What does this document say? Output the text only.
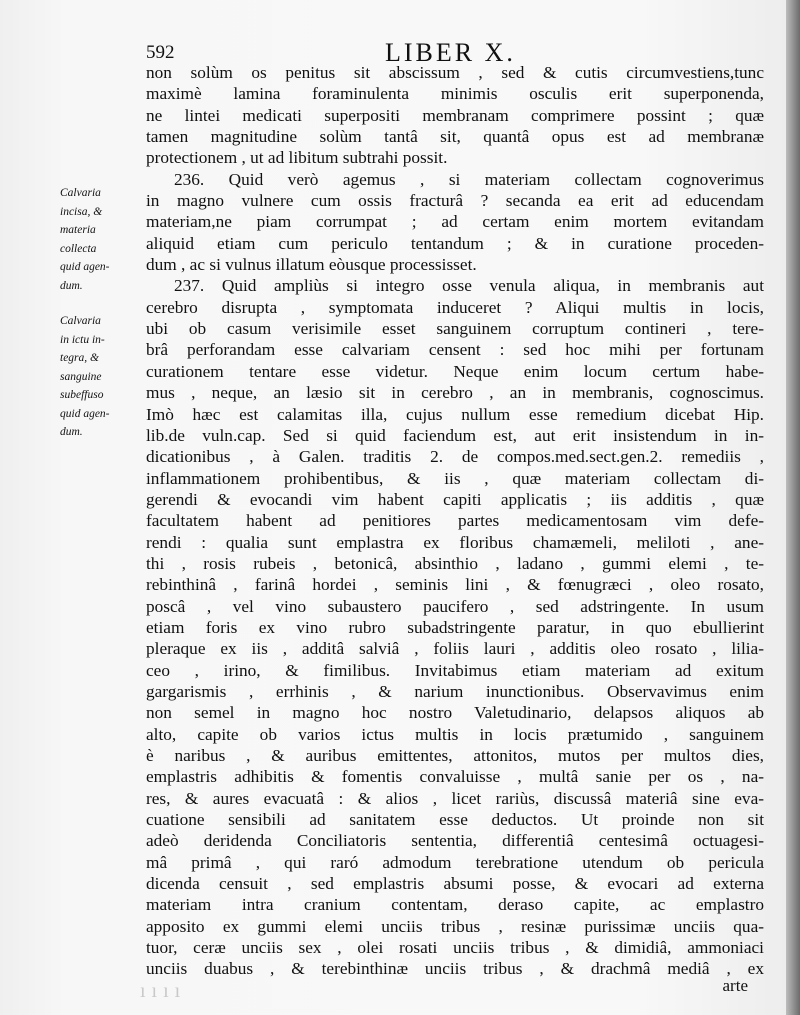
592	LIBER X.
Calvaria
incisa, &
materia
collecta
quid agen-
dum.
Calvaria
in ictu in-
tegra, &
sanguine
subeffuso
quid agen-
dum.
non solùm os penitus sit abscissum , sed & cutis circumvestiens,tunc
maximè lamina foraminulenta minimis osculis erit superponenda,
ne lintei medicati superpositi membranam comprimere possint ; quæ
tamen magnitudine solùm tantâ sit, quantâ opus est ad membranæ
protectionem , ut ad libitum subtrahi possit.
236. Quid verò agemus , si materiam collectam cognoverimus
in magno vulnere cum ossis fracturâ ? secanda ea erit ad educendam
materiam,ne piam corrumpat ; ad certam enim mortem evitandam
aliquid etiam cum periculo tentandum ; & in curatione proceden-
dum , ac si vulnus illatum eòusque processisset.
237. Quid ampliùs si integro osse venula aliqua, in membranis aut
cerebro disrupta , symptomata induceret ? Aliqui multis in locis,
ubi ob casum verisimile esset sanguinem corruptum contineri , tere-
brâ perforandam esse calvariam censent : sed hoc mihi per fortunam
curationem tentare esse videtur. Neque enim locum certum habe-
mus , neque, an læsio sit in cerebro , an in membranis, cognoscimus.
Imò hæc est calamitas illa, cujus nullum esse remedium dicebat Hip.
lib.de vuln.cap. Sed si quid faciendum est, aut erit insistendum in in-
dicationibus , à Galen. traditis 2. de compos.med.sect.gen.2. remediis ,
inflammationem prohibentibus, & iis , quæ materiam collectam di-
gerendi & evocandi vim habent capiti applicatis ; iis additis , quæ
facultatem habent ad penitiores partes medicamentosam vim defe-
rendi : qualia sunt emplastra ex floribus chamæmeli, meliloti , ane-
thi , rosis rubeis , betonicâ, absinthio , ladano , gummi elemi , te-
rebinthinâ , farinâ hordei , seminis lini , & fœnugræci , oleo rosato,
poscâ , vel vino subaustero paucifero , sed adstringente. In usum
etiam foris ex vino rubro subadstringente paratur, in quo ebullierint
pleraque ex iis , additâ salviâ , foliis lauri , additis oleo rosato , lilia-
ceo , irino, & fimilibus. Invitabimus etiam materiam ad exitum
gargarismis , errhinis , & narium inunctionibus. Observavimus enim
non semel in magno hoc nostro Valetudinario, delapsos aliquos ab
alto, capite ob varios ictus multis in locis prætumido , sanguinem
è naribus , & auribus emittentes, attonitos, mutos per multos dies,
emplastris adhibitis & fomentis convaluisse , multâ sanie per os , na-
res, & aures evacuatâ : & alios , licet rariùs, discussâ materiâ sine eva-
cuatione sensibili ad sanitatem esse deductos. Ut proinde non sit
adeò deridenda Conciliatoris sententia, differentiâ centesimâ octuagesi-
mâ primâ , qui raró admodum terebratione utendum ob pericula
dicenda censuit , sed emplastris absumi posse, & evocari ad externa
materiam intra cranium contentam, deraso capite, ac emplastro
apposito ex gummi elemi unciis tribus , resinæ purissimæ unciis qua-
tuor, ceræ unciis sex , olei rosati unciis tribus , & dimidiâ, ammoniaci
unciis duabus , & terebinthinæ unciis tribus , & drachmâ mediâ , ex
ıııı	arte
